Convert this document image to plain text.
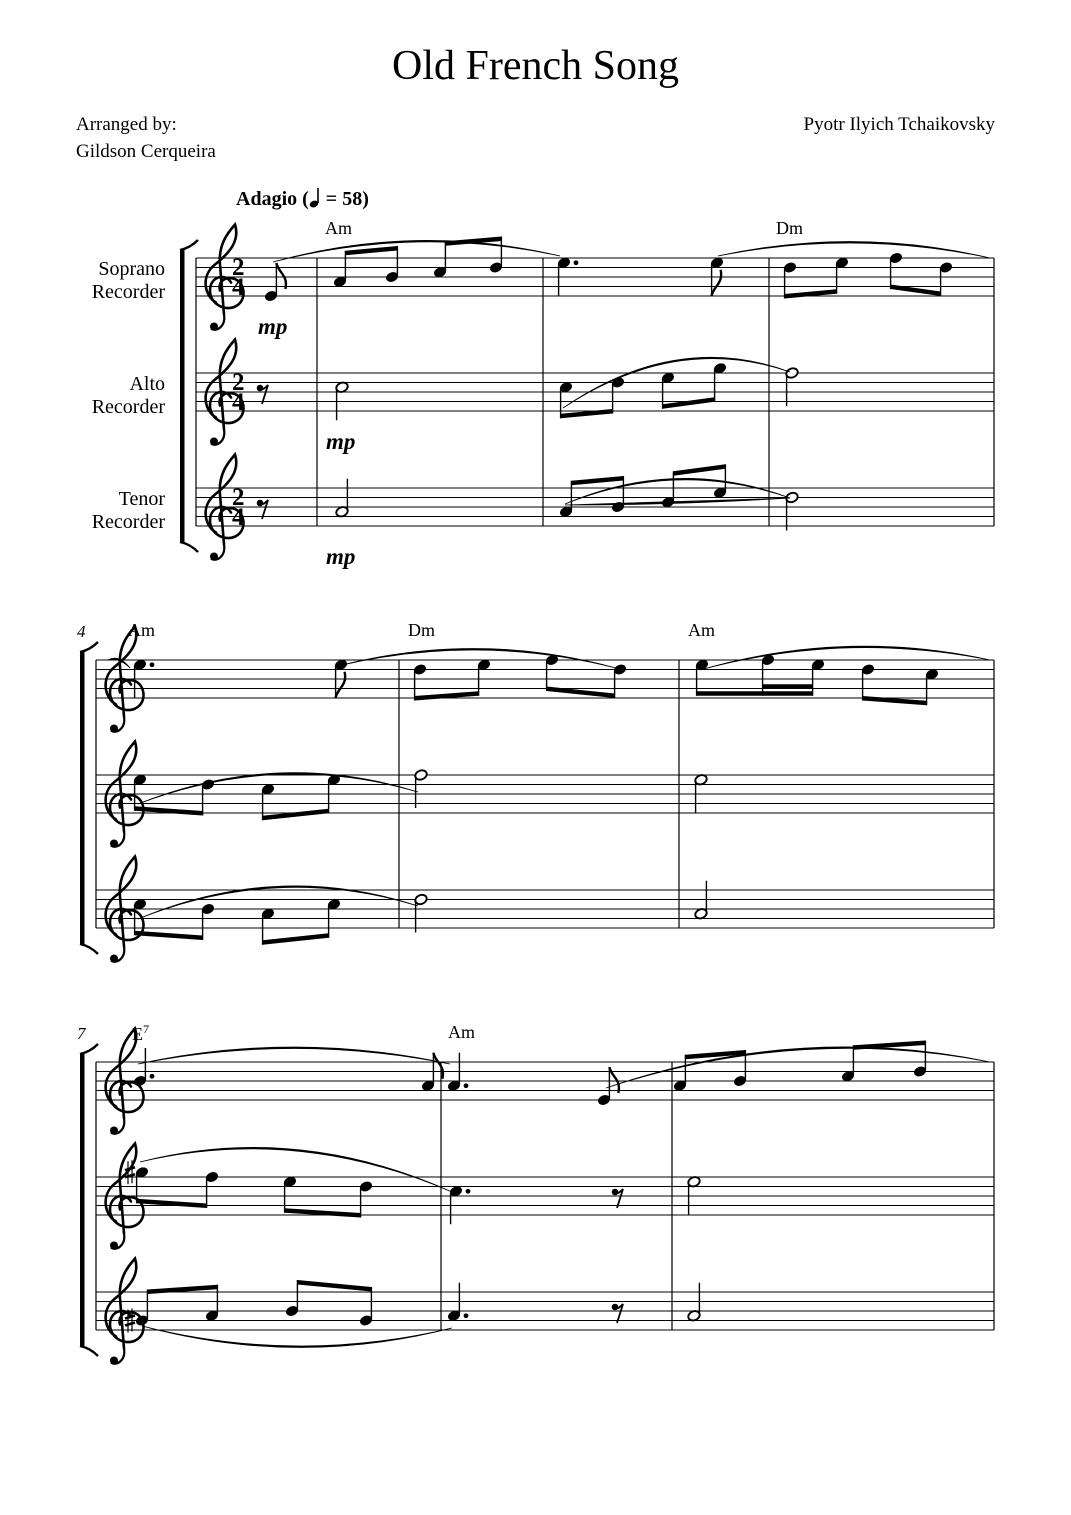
Old French Song
Arranged by:
Gildson Cerqueira
Pyotr Ilyich Tchaikovsky
Adagio ( = 58)
Soprano
Recorder
Alto
Recorder
Tenor
Recorder
2
4
2
4
2
4
mp
mp
mp
Am	Dm
Am	Dm	Am
$E^7$	Am
4
7
